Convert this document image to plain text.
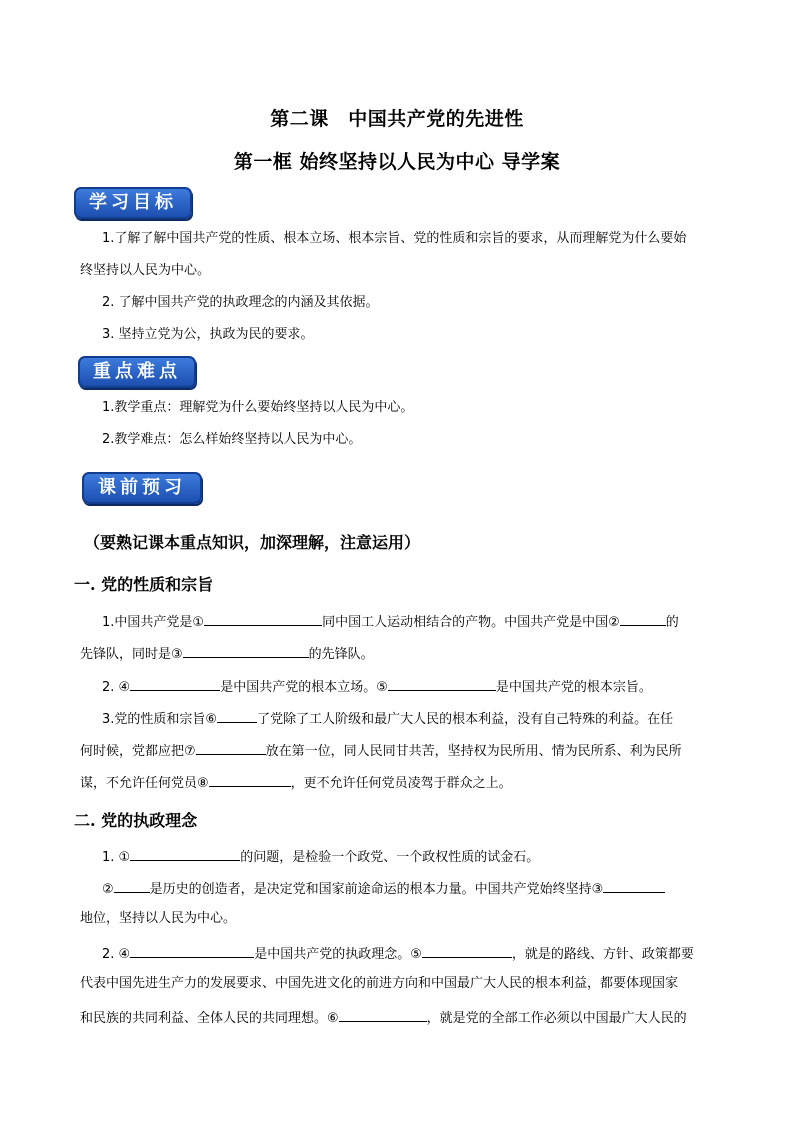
第二课　中国共产党的先进性
第一框 始终坚持以人民为中心 导学案
学习目标
1.了解了解中国共产党的性质、根本立场、根本宗旨、党的性质和宗旨的要求，从而理解党为什么要始
终坚持以人民为中心。
2. 了解中国共产党的执政理念的内涵及其依据。
3. 坚持立党为公，执政为民的要求。
重点难点
1.教学重点：理解党为什么要始终坚持以人民为中心。
2.教学难点：怎么样始终坚持以人民为中心。
课前预习
（要熟记课本重点知识，加深理解，注意运用）
一. 党的性质和宗旨
1.中国共产党是①	同中国工人运动相结合的产物。中国共产党是中国②	的
先锋队，同时是③	的先锋队。
2. ④	是中国共产党的根本立场。⑤	是中国共产党的根本宗旨。
3.党的性质和宗旨⑥	了党除了工人阶级和最广大人民的根本利益，没有自己特殊的利益。在任
何时候，党都应把⑦	放在第一位，同人民同甘共苦，坚持权为民所用、情为民所系、利为民所
谋，不允许任何党员⑧	，更不允许任何党员凌驾于群众之上。
二. 党的执政理念
1. ①	的问题，是检验一个政党、一个政权性质的试金石。
②	是历史的创造者，是决定党和国家前途命运的根本力量。中国共产党始终坚持③
地位，坚持以人民为中心。
2. ④	是中国共产党的执政理念。⑤	，就是的路线、方针、政策都要
代表中国先进生产力的发展要求、中国先进文化的前进方向和中国最广大人民的根本利益，都要体现国家
和民族的共同利益、全体人民的共同理想。⑥	，就是党的全部工作必须以中国最广大人民的
